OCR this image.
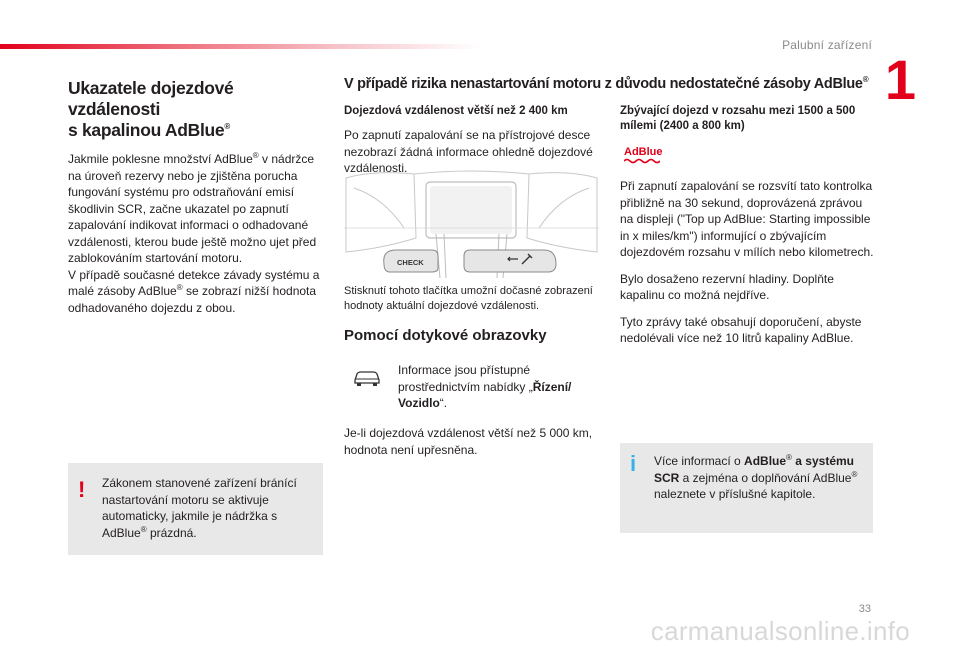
Palubní zařízení
1
Ukazatele dojezdové vzdálenosti
s kapalinou AdBlue®

Jakmile poklesne množství AdBlue® v nádržce na úroveň rezervy nebo je zjištěna porucha fungování systému pro odstraňování emisí škodlivin SCR, začne ukazatel po zapnutí zapalování indikovat informaci o odhadované vzdálenosti, kterou bude ještě možno ujet před zablokováním startování motoru.
V případě současné detekce závady systému a malé zásoby AdBlue® se zobrazí nižší hodnota odhadovaného dojezdu z obou.

! Zákonem stanovené zařízení bránící nastartování motoru se aktivuje automaticky, jakmile je nádržka s AdBlue® prázdná.
V případě rizika nenastartování motoru z důvodu nedostatečné zásoby AdBlue®
Dojezdová vzdálenost větší než 2 400 km

Po zapnutí zapalování se na přístrojové desce nezobrazí žádná informace ohledně dojezdové vzdálenosti.

CHECK
Stisknutí tohoto tlačítka umožní dočasné zobrazení hodnoty aktuální dojezdové vzdálenosti.
Pomocí dotykové obrazovky
Informace jsou přístupné prostřednictvím nabídky „Řízení/ Vozidlo“.
Je-li dojezdová vzdálenost větší než 5 000 km, hodnota není upřesněna.
Zbývající dojezd v rozsahu mezi 1500 a 500 mílemi (2400 a 800 km)
AdBlue

Při zapnutí zapalování se rozsvítí tato kontrolka přibližně na 30 sekund, doprovázená zprávou na displeji ("Top up AdBlue: Starting impossible in x miles/km") informující o zbývajícím dojezdovém rozsahu v mílích nebo kilometrech.

Bylo dosaženo rezervní hladiny. Doplňte kapalinu co možná nejdříve.

Tyto zprávy také obsahují doporučení, abyste nedolévali více než 10 litrů kapaliny AdBlue.

i Více informací o AdBlue® a systému SCR a zejména o doplňování AdBlue® naleznete v příslušné kapitole.
33
carmanualsonline.info
